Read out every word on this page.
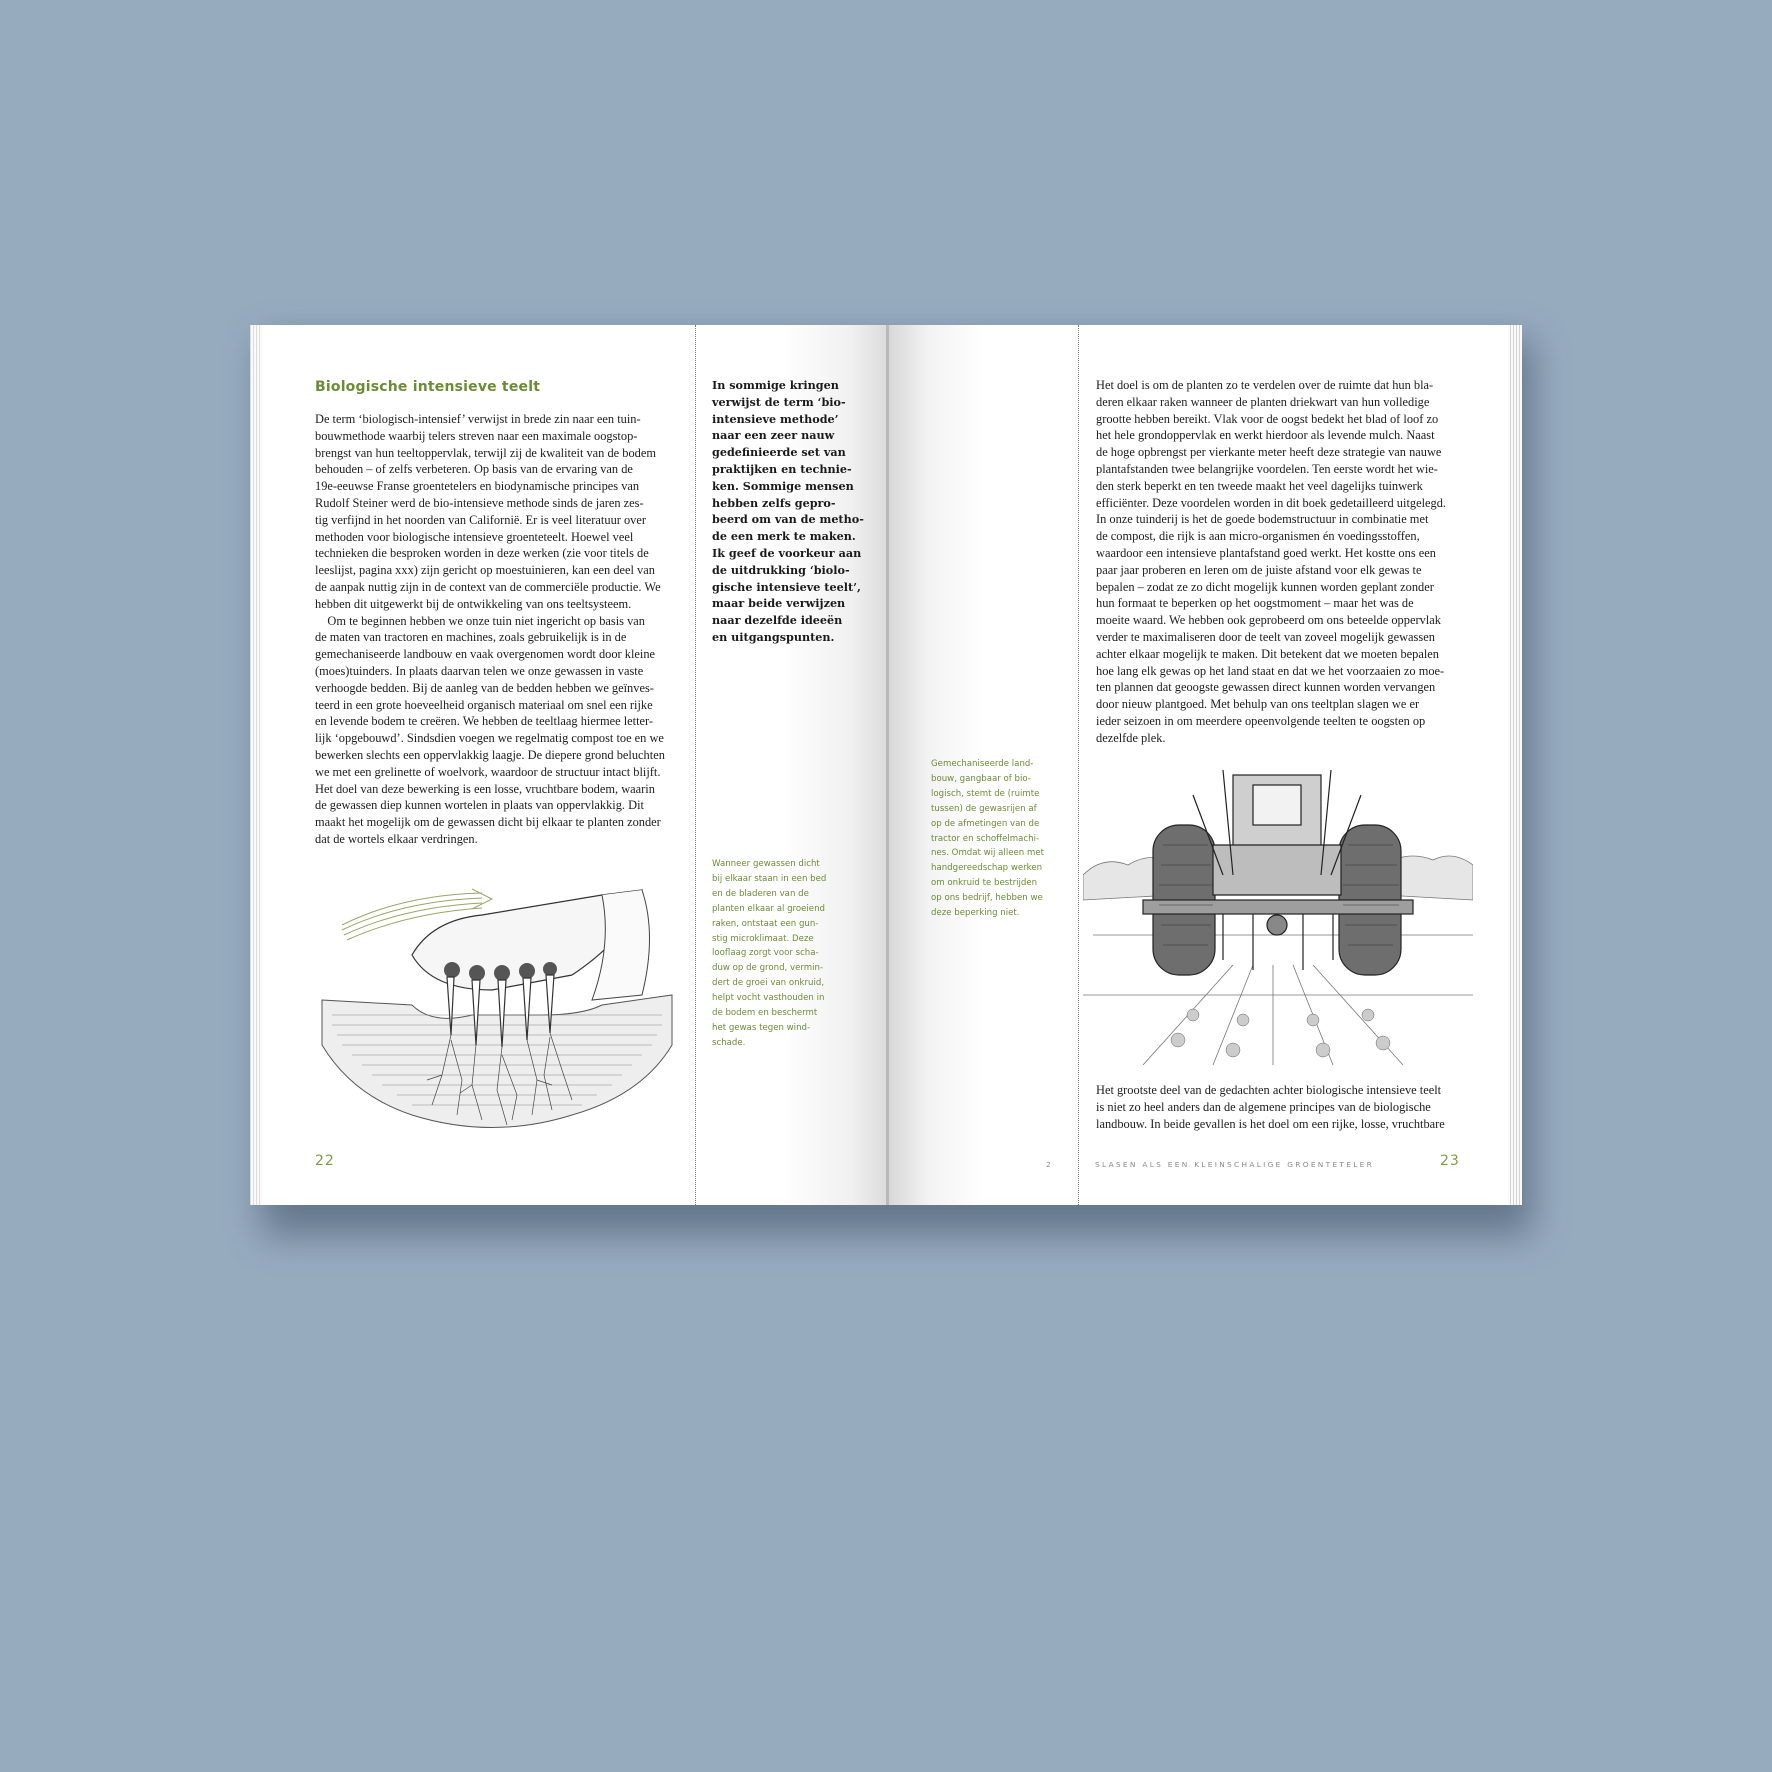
Biologische intensieve teelt

De term ‘biologisch-intensief’ verwijst in brede zin naar een tuin-
bouwmethode waarbij telers streven naar een maximale oogstop-
brengst van hun teeltoppervlak, terwijl zij de kwaliteit van de bodem
behouden – of zelfs verbeteren. Op basis van de ervaring van de
19e-eeuwse Franse groentetelers en biodynamische principes van
Rudolf Steiner werd de bio-intensieve methode sinds de jaren zes-
tig verfijnd in het noorden van Californië. Er is veel literatuur over
methoden voor biologische intensieve groenteteelt. Hoewel veel
technieken die besproken worden in deze werken (zie voor titels de
leeslijst, pagina xxx) zijn gericht op moestuinieren, kan een deel van
de aanpak nuttig zijn in de context van de commerciële productie. We
hebben dit uitgewerkt bij de ontwikkeling van ons teeltsysteem.
Om te beginnen hebben we onze tuin niet ingericht op basis van
de maten van tractoren en machines, zoals gebruikelijk is in de
gemechaniseerde landbouw en vaak overgenomen wordt door kleine
(moes)tuinders. In plaats daarvan telen we onze gewassen in vaste
verhoogde bedden. Bij de aanleg van de bedden hebben we geïnves-
teerd in een grote hoeveelheid organisch materiaal om snel een rijke
en levende bodem te creëren. We hebben de teeltlaag hiermee letter-
lijk ‘opgebouwd’. Sindsdien voegen we regelmatig compost toe en we
bewerken slechts een oppervlakkig laagje. De diepere grond beluchten
we met een grelinette of woelvork, waardoor de structuur intact blijft.
Het doel van deze bewerking is een losse, vruchtbare bodem, waarin
de gewassen diep kunnen wortelen in plaats van oppervlakkig. Dit
maakt het mogelijk om de gewassen dicht bij elkaar te planten zonder
dat de wortels elkaar verdringen.

In sommige kringen
verwijst de term ‘bio-
intensieve methode’
naar een zeer nauw
gedefinieerde set van
praktijken en technie-
ken. Sommige mensen
hebben zelfs gepro-
beerd om van de metho-
de een merk te maken.
Ik geef de voorkeur aan
de uitdrukking ‘biolo-
gische intensieve teelt’,
maar beide verwijzen
naar dezelfde ideeën
en uitgangspunten.

Wanneer gewassen dicht
bij elkaar staan in een bed
en de bladeren van de
planten elkaar al groeiend
raken, ontstaat een gun-
stig microklimaat. Deze
looflaag zorgt voor scha-
duw op de grond, vermin-
dert de groei van onkruid,
helpt vocht vasthouden in
de bodem en beschermt
het gewas tegen wind-
schade.

22

Gemechaniseerde land-
bouw, gangbaar of bio-
logisch, stemt de (ruimte
tussen) de gewasrijen af
op de afmetingen van de
tractor en schoffelmachi-
nes. Omdat wij alleen met
handgereedschap werken
om onkruid te bestrijden
op ons bedrijf, hebben we
deze beperking niet.

Het doel is om de planten zo te verdelen over de ruimte dat hun bla-
deren elkaar raken wanneer de planten driekwart van hun volledige
grootte hebben bereikt. Vlak voor de oogst bedekt het blad of loof zo
het hele grondoppervlak en werkt hierdoor als levende mulch. Naast
de hoge opbrengst per vierkante meter heeft deze strategie van nauwe
plantafstanden twee belangrijke voordelen. Ten eerste wordt het wie-
den sterk beperkt en ten tweede maakt het veel dagelijks tuinwerk
efficiënter. Deze voordelen worden in dit boek gedetailleerd uitgelegd.
In onze tuinderij is het de goede bodemstructuur in combinatie met
de compost, die rijk is aan micro-organismen én voedingsstoffen,
waardoor een intensieve plantafstand goed werkt. Het kostte ons een
paar jaar proberen en leren om de juiste afstand voor elk gewas te
bepalen – zodat ze zo dicht mogelijk kunnen worden geplant zonder
hun formaat te beperken op het oogstmoment – maar het was de
moeite waard. We hebben ook geprobeerd om ons beteelde oppervlak
verder te maximaliseren door de teelt van zoveel mogelijk gewassen
achter elkaar mogelijk te maken. Dit betekent dat we moeten bepalen
hoe lang elk gewas op het land staat en dat we het voorzaaien zo moe-
ten plannen dat geoogste gewassen direct kunnen worden vervangen
door nieuw plantgoed. Met behulp van ons teeltplan slagen we er
ieder seizoen in om meerdere opeenvolgende teelten te oogsten op
dezelfde plek.

Het grootste deel van de gedachten achter biologische intensieve teelt
is niet zo heel anders dan de algemene principes van de biologische
landbouw. In beide gevallen is het doel om een rijke, losse, vruchtbare

2	SLASEN ALS EEN KLEINSCHALIGE GROENTETELER	23
